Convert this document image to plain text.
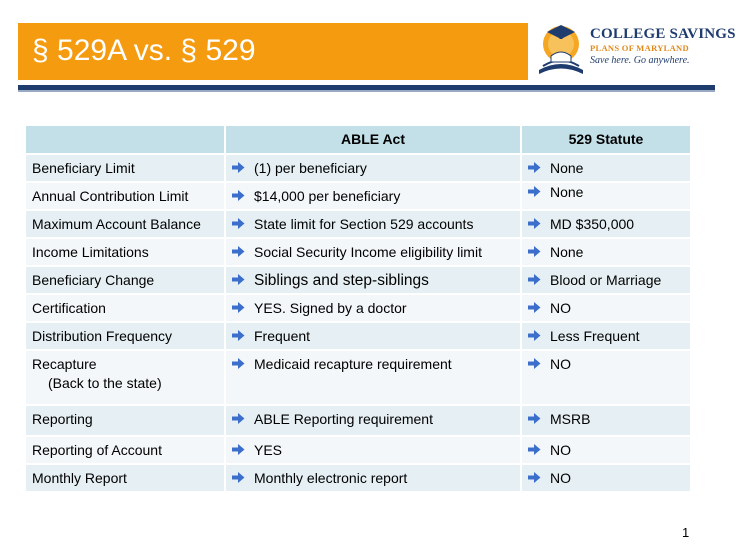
§ 529A vs. § 529	COLLEGE SAVINGS
PLANS OF MARYLAND
Save here. Go anywhere.
	ABLE Act	529 Statute
Beneficiary Limit	(1) per beneficiary	None

Annual Contribution Limit	$14,000 per beneficiary	None

Maximum Account Balance	State limit for Section 529 accounts	MD $350,000

Income Limitations	Social Security Income eligibility limit	None

Beneficiary Change	Siblings and step-siblings	Blood or Marriage

Certification	YES. Signed by a doctor	NO

Distribution Frequency	Frequent	Less Frequent

Recapture
(Back to the state)	Medicaid recapture requirement	NO

Reporting	ABLE Reporting requirement	MSRB

Reporting of Account	YES	NO

Monthly Report	Monthly electronic report	NO
1
